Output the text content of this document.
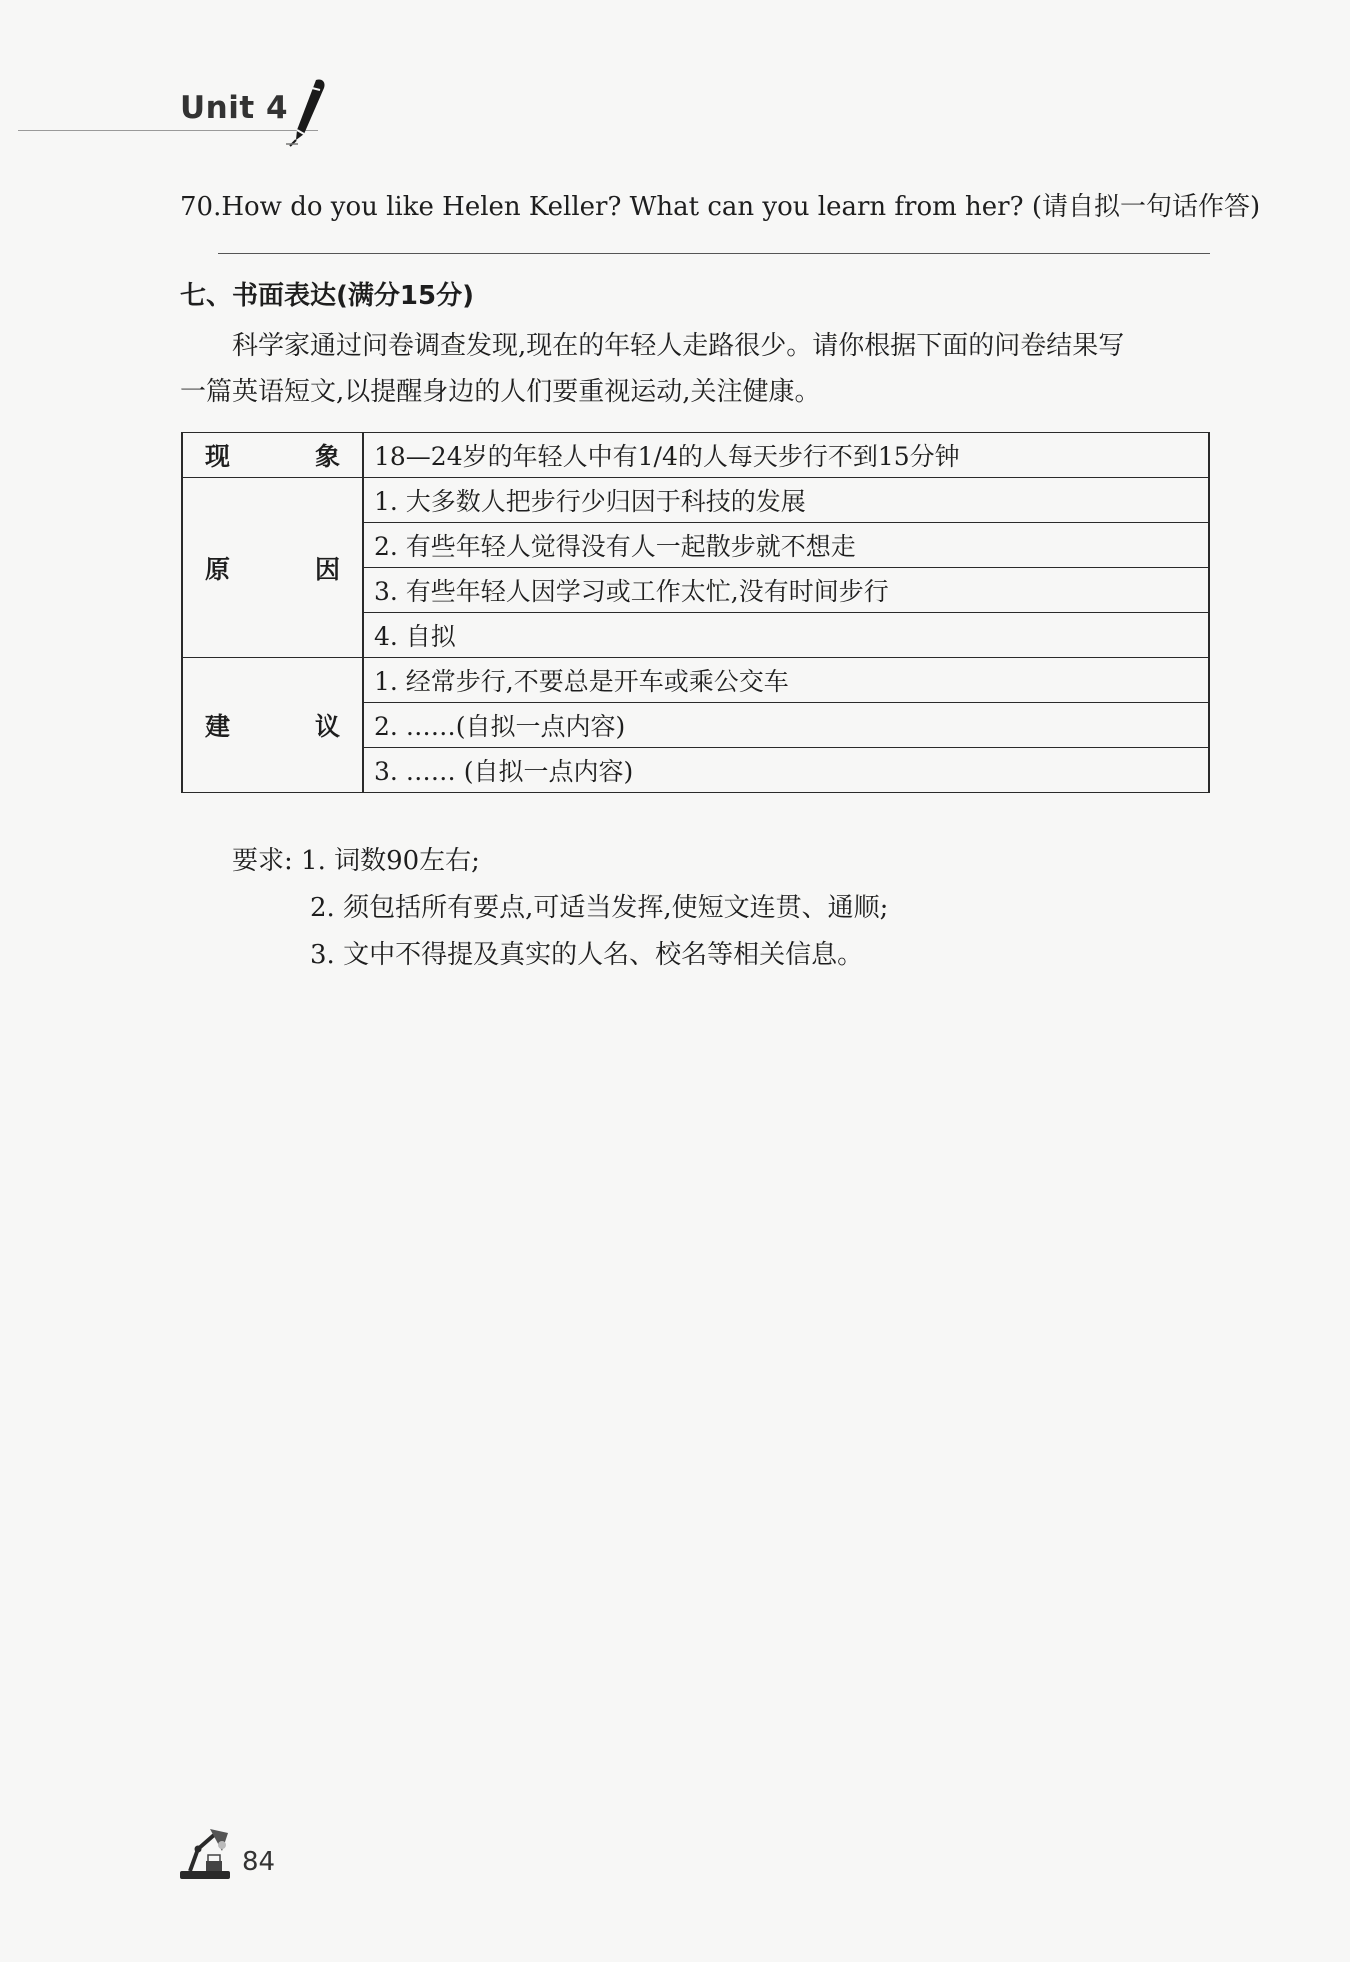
Unit 4
70.How do you like Helen Keller? What can you learn from her? (请自拟一句话作答)
七、书面表达(满分15分)
科学家通过问卷调查发现,现在的年轻人走路很少。请你根据下面的问卷结果写
一篇英语短文,以提醒身边的人们要重视运动,关注健康。
现 象	18—24岁的年轻人中有1/4的人每天步行不到15分钟
原 因	1. 大多数人把步行少归因于科技的发展
	2. 有些年轻人觉得没有人一起散步就不想走
	3. 有些年轻人因学习或工作太忙,没有时间步行
	4. 自拟
建 议	1. 经常步行,不要总是开车或乘公交车
	2. ……(自拟一点内容)
	3. …… (自拟一点内容)
要求: 1. 词数90左右;
2. 须包括所有要点,可适当发挥,使短文连贯、通顺;
3. 文中不得提及真实的人名、校名等相关信息。
84
